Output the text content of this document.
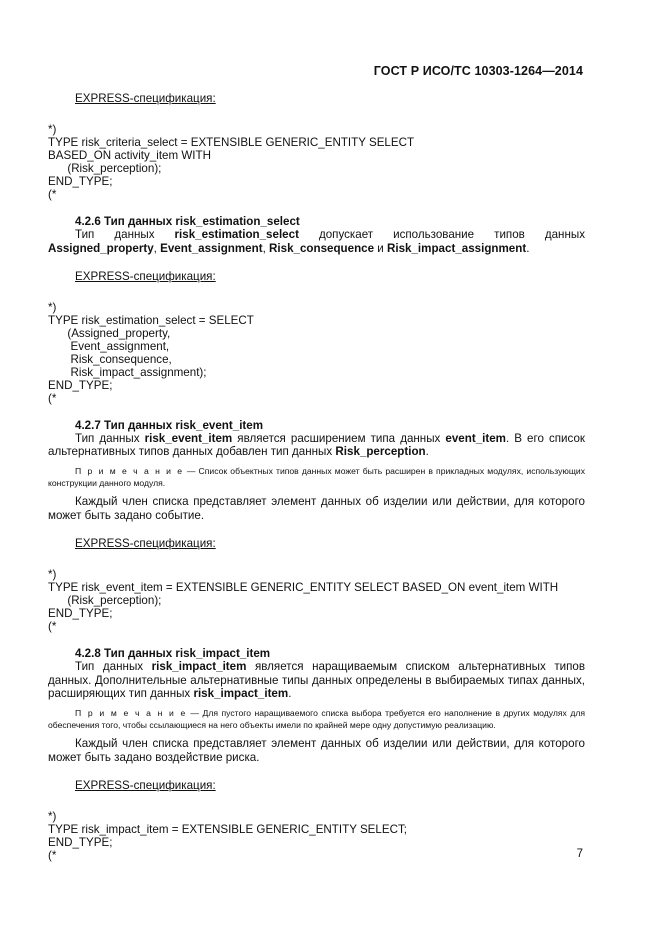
ГОСТ Р ИСО/ТС 10303-1264—2014
EXPRESS-спецификация:
*)
TYPE risk_criteria_select = EXTENSIBLE GENERIC_ENTITY SELECT
BASED_ON activity_item WITH
(Risk_perception);
END_TYPE;
(*
4.2.6 Тип данных risk_estimation_select
Тип данных risk_estimation_select допускает использование типов данных Assigned_property, Event_assignment, Risk_consequence и Risk_impact_assignment.
EXPRESS-спецификация:
*)
TYPE risk_estimation_select = SELECT
(Assigned_property,
Event_assignment,
Risk_consequence,
Risk_impact_assignment);
END_TYPE;
(*
4.2.7 Тип данных risk_event_item
Тип данных risk_event_item является расширением типа данных event_item. В его список альтернативных типов данных добавлен тип данных Risk_perception.
П р и м е ч а н и е — Список объектных типов данных может быть расширен в прикладных модулях, использующих конструкции данного модуля.
Каждый член списка представляет элемент данных об изделии или действии, для которого может быть задано событие.
EXPRESS-спецификация:
*)
TYPE risk_event_item = EXTENSIBLE GENERIC_ENTITY SELECT BASED_ON event_item WITH
(Risk_perception);
END_TYPE;
(*
4.2.8 Тип данных risk_impact_item
Тип данных risk_impact_item является наращиваемым списком альтернативных типов данных. Дополнительные альтернативные типы данных определены в выбираемых типах данных, расширяющих тип данных risk_impact_item.
П р и м е ч а н и е — Для пустого наращиваемого списка выбора требуется его наполнение в других модулях для обеспечения того, чтобы ссылающиеся на него объекты имели по крайней мере одну допустимую реализацию.
Каждый член списка представляет элемент данных об изделии или действии, для которого может быть задано воздействие риска.
EXPRESS-спецификация:
*)
TYPE risk_impact_item = EXTENSIBLE GENERIC_ENTITY SELECT;
END_TYPE;
(*	7
